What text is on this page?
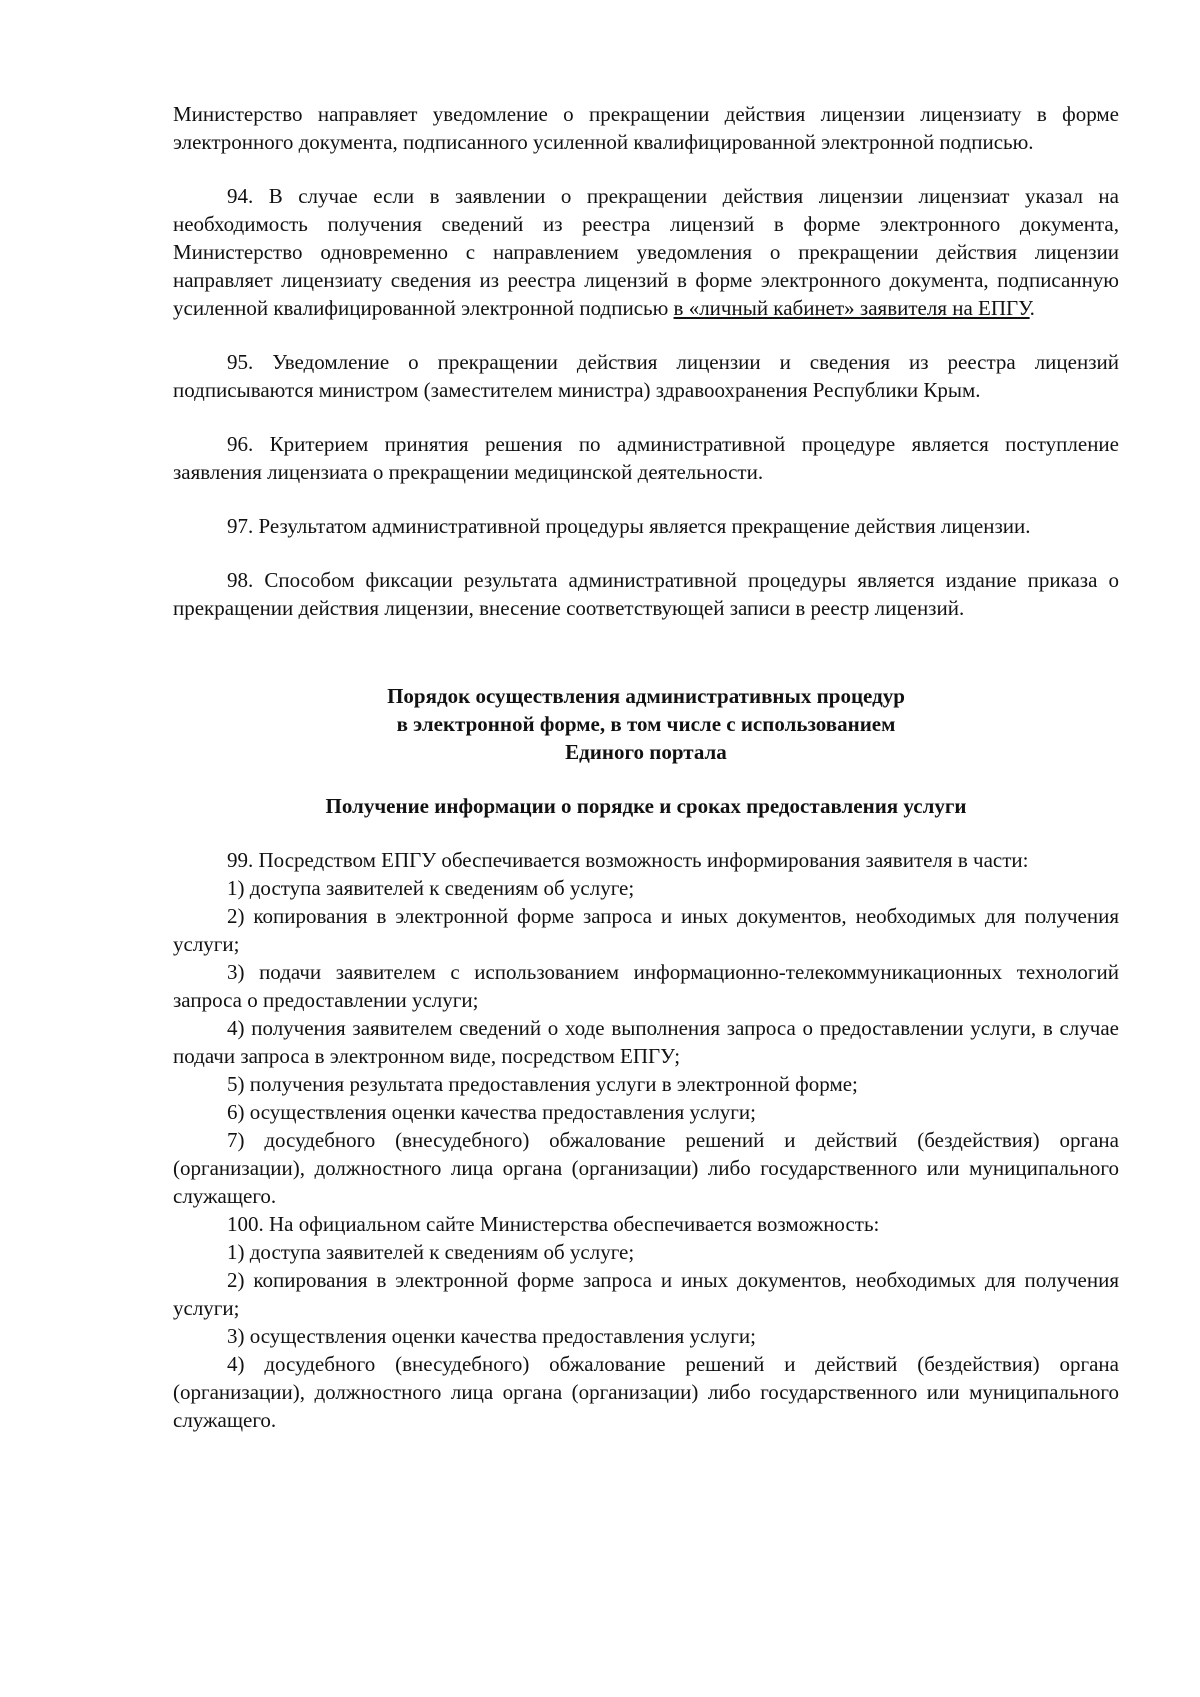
Министерство направляет уведомление о прекращении действия лицензии лицензиату в форме электронного документа, подписанного усиленной квалифицированной электронной подписью.

94. В случае если в заявлении о прекращении действия лицензии лицензиат указал на необходимость получения сведений из реестра лицензий в форме электронного документа, Министерство одновременно с направлением уведомления о прекращении действия лицензии направляет лицензиату сведения из реестра лицензий в форме электронного документа, подписанную усиленной квалифицированной электронной подписью в «личный кабинет» заявителя на ЕПГУ.

95. Уведомление о прекращении действия лицензии и сведения из реестра лицензий подписываются министром (заместителем министра) здравоохранения Республики Крым.

96. Критерием принятия решения по административной процедуре является поступление заявления лицензиата о прекращении медицинской деятельности.

97. Результатом административной процедуры является прекращение действия лицензии.

98. Способом фиксации результата административной процедуры является издание приказа о прекращении действия лицензии, внесение соответствующей записи в реестр лицензий.

Порядок осуществления административных процедур

в электронной форме, в том числе с использованием

Единого портала

Получение информации о порядке и сроках предоставления услуги

99. Посредством ЕПГУ обеспечивается возможность информирования заявителя в части:

1) доступа заявителей к сведениям об услуге;

2) копирования в электронной форме запроса и иных документов, необходимых для получения услуги;

3) подачи заявителем с использованием информационно-телекоммуникационных технологий запроса о предоставлении услуги;

4) получения заявителем сведений о ходе выполнения запроса о предоставлении услуги, в случае подачи запроса в электронном виде, посредством ЕПГУ;

5) получения результата предоставления услуги в электронной форме;

6) осуществления оценки качества предоставления услуги;

7) досудебного (внесудебного) обжалование решений и действий (бездействия) органа (организации), должностного лица органа (организации) либо государственного или муниципального служащего.

100. На официальном сайте Министерства обеспечивается возможность:

1) доступа заявителей к сведениям об услуге;

2) копирования в электронной форме запроса и иных документов, необходимых для получения услуги;

3) осуществления оценки качества предоставления услуги;

4) досудебного (внесудебного) обжалование решений и действий (бездействия) органа (организации), должностного лица органа (организации) либо государственного или муниципального служащего.
